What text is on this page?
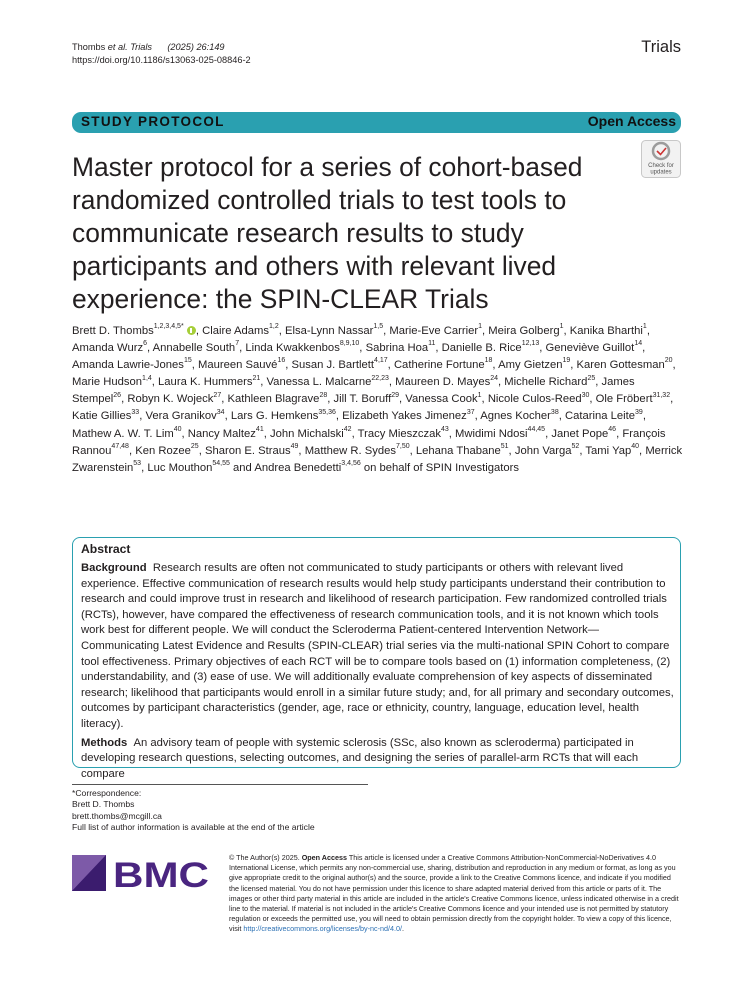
Thombs et al. Trials (2025) 26:149
https://doi.org/10.1186/s13063-025-08846-2
Trials
STUDY PROTOCOL	Open Access
Master protocol for a series of cohort-based randomized controlled trials to test tools to communicate research results to study participants and others with relevant lived experience: the SPIN-CLEAR Trials
Check for
updates
Brett D. Thombs$^{1,2,3,4,5*}$ , Claire Adams$^{1,2}$, Elsa-Lynn Nassar$^{1,5}$, Marie-Eve Carrier$^1$, Meira Golberg$^1$, Kanika Bharthi$^1$, Amanda Wurz$^6$, Annabelle South$^7$, Linda Kwakkenbos$^{8,9,10}$, Sabrina Hoa$^{11}$, Danielle B. Rice$^{12,13}$, Geneviève Guillot$^{14}$, Amanda Lawrie-Jones$^{15}$, Maureen Sauvé$^{16}$, Susan J. Bartlett$^{4,17}$, Catherine Fortune$^{18}$, Amy Gietzen$^{19}$, Karen Gottesman$^{20}$, Marie Hudson$^{1,4}$, Laura K. Hummers$^{21}$, Vanessa L. Malcarne$^{22,23}$, Maureen D. Mayes$^{24}$, Michelle Richard$^{25}$, James Stempel$^{26}$, Robyn K. Wojeck$^{27}$, Kathleen Blagrave$^{28}$, Jill T. Boruff$^{29}$, Vanessa Cook$^1$, Nicole Culos-Reed$^{30}$, Ole Fröbert$^{31,32}$, Katie Gillies$^{33}$, Vera Granikov$^{34}$, Lars G. Hemkens$^{35,36}$, Elizabeth Yakes Jimenez$^{37}$, Agnes Kocher$^{38}$, Catarina Leite$^{39}$, Mathew A. W. T. Lim$^{40}$, Nancy Maltez$^{41}$, John Michalski$^{42}$, Tracy Mieszczak$^{43}$, Mwidimi Ndosi$^{44,45}$, Janet Pope$^{46}$, François Rannou$^{47,48}$, Ken Rozee$^{25}$, Sharon E. Straus$^{49}$, Matthew R. Sydes$^{7,50}$, Lehana Thabane$^{51}$, John Varga$^{52}$, Tami Yap$^{40}$, Merrick Zwarenstein$^{53}$, Luc Mouthon$^{54,55}$ and Andrea Benedetti$^{3,4,56}$ on behalf of SPIN Investigators
Abstract

Background Research results are often not communicated to study participants or others with relevant lived experience. Effective communication of research results would help study participants understand their contribution to research and could improve trust in research and likelihood of research participation. Few randomized controlled trials (RCTs), however, have compared the effectiveness of research communication tools, and it is not known which tools work best for different people. We will conduct the Scleroderma Patient-centered Intervention Network—Communicating Latest Evidence and Results (SPIN-CLEAR) trial series via the multi-national SPIN Cohort to compare tool effectiveness. Primary objectives of each RCT will be to compare tools based on (1) information completeness, (2) understandability, and (3) ease of use. We will additionally evaluate comprehension of key aspects of disseminated research; likelihood that participants would enroll in a similar future study; and, for all primary and secondary outcomes, outcomes by participant characteristics (gender, age, race or ethnicity, country, language, education level, health literacy).

Methods An advisory team of people with systemic sclerosis (SSc, also known as scleroderma) participated in developing research questions, selecting outcomes, and designing the series of parallel-arm RCTs that will each compare

*Correspondence:
Brett D. Thombs
brett.thombs@mcgill.ca
Full list of author information is available at the end of the article
BMC	© The Author(s) 2025. Open Access This article is licensed under a Creative Commons Attribution-NonCommercial-NoDerivatives 4.0 International License, which permits any non-commercial use, sharing, distribution and reproduction in any medium or format, as long as you give appropriate credit to the original author(s) and the source, provide a link to the Creative Commons licence, and indicate if you modified the licensed material. You do not have permission under this licence to share adapted material derived from this article or parts of it. The images or other third party material in this article are included in the article's Creative Commons licence, unless indicated otherwise in a credit line to the material. If material is not included in the article's Creative Commons licence and your intended use is not permitted by statutory regulation or exceeds the permitted use, you will need to obtain permission directly from the copyright holder. To view a copy of this licence, visit http://creativecommons.org/licenses/by-nc-nd/4.0/.
